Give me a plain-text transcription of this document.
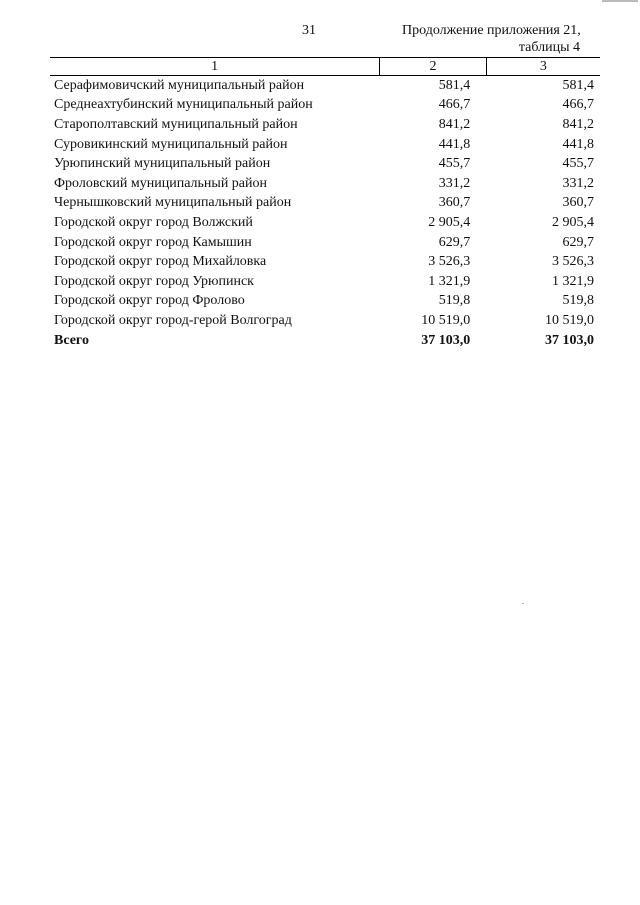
31	Продолжение приложения 21,
таблицы 4
1	2	3
Серафимовичский муниципальный район	581,4	581,4
Среднеахтубинский муниципальный район	466,7	466,7
Старополтавский муниципальный район	841,2	841,2
Суровикинский муниципальный район	441,8	441,8
Урюпинский муниципальный район	455,7	455,7
Фроловский муниципальный район	331,2	331,2
Чернышковский муниципальный район	360,7	360,7
Городской округ город Волжский	2 905,4	2 905,4
Городской округ город Камышин	629,7	629,7
Городской округ город Михайловка	3 526,3	3 526,3
Городской округ город Урюпинск	1 321,9	1 321,9
Городской округ город Фролово	519,8	519,8
Городской округ город-герой Волгоград	10 519,0	10 519,0
Всего	37 103,0	37 103,0
